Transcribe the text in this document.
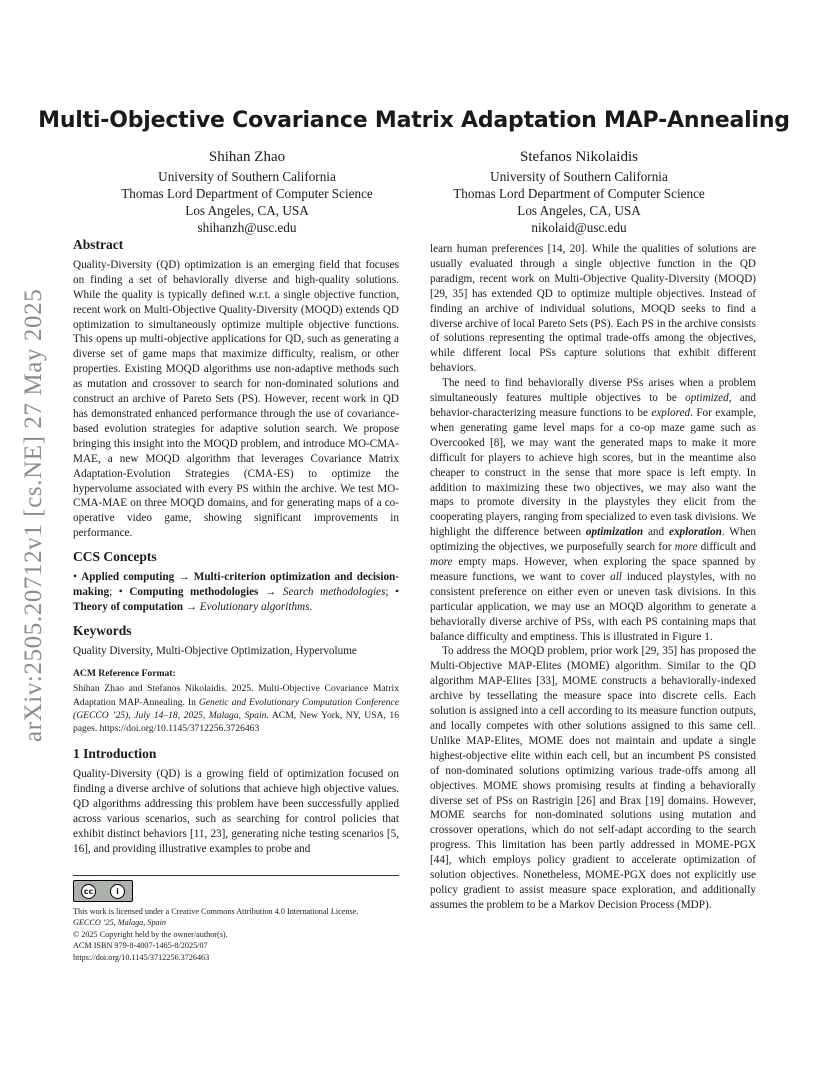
arXiv:2505.20712v1 [cs.NE] 27 May 2025
Multi-Objective Covariance Matrix Adaptation MAP-Annealing
Shihan Zhao
University of Southern California
Thomas Lord Department of Computer Science
Los Angeles, CA, USA
shihanzh@usc.edu
Stefanos Nikolaidis
University of Southern California
Thomas Lord Department of Computer Science
Los Angeles, CA, USA
nikolaid@usc.edu
Abstract

Quality-Diversity (QD) optimization is an emerging field that focuses on finding a set of behaviorally diverse and high-quality solutions. While the quality is typically defined w.r.t. a single objective function, recent work on Multi-Objective Quality-Diversity (MOQD) extends QD optimization to simultaneously optimize multiple objective functions. This opens up multi-objective applications for QD, such as generating a diverse set of game maps that maximize difficulty, realism, or other properties. Existing MOQD algorithms use non-adaptive methods such as mutation and crossover to search for non-dominated solutions and construct an archive of Pareto Sets (PS). However, recent work in QD has demonstrated enhanced performance through the use of covariance-based evolution strategies for adaptive solution search. We propose bringing this insight into the MOQD problem, and introduce MO-CMA-MAE, a new MOQD algorithm that leverages Covariance Matrix Adaptation-Evolution Strategies (CMA-ES) to optimize the hypervolume associated with every PS within the archive. We test MO-CMA-MAE on three MOQD domains, and for generating maps of a co-operative video game, showing significant improvements in performance.

CCS Concepts

• Applied computing → Multi-criterion optimization and decision-making; • Computing methodologies → Search methodologies; • Theory of computation → Evolutionary algorithms.

Keywords

Quality Diversity, Multi-Objective Optimization, Hypervolume

ACM Reference Format:

Shihan Zhao and Stefanos Nikolaidis. 2025. Multi-Objective Covariance Matrix Adaptation MAP-Annealing. In Genetic and Evolutionary Computation Conference (GECCO ’25), July 14–18, 2025, Malaga, Spain. ACM, New York, NY, USA, 16 pages. https://doi.org/10.1145/3712256.3726463

1 Introduction

Quality-Diversity (QD) is a growing field of optimization focused on finding a diverse archive of solutions that achieve high objective values. QD algorithms addressing this problem have been successfully applied across various scenarios, such as searching for control policies that exhibit distinct behaviors [11, 23], generating niche testing scenarios [5, 16], and providing illustrative examples to probe and

cc	i
This work is licensed under a Creative Commons Attribution 4.0 International License.
GECCO ’25, Malaga, Spain
© 2025 Copyright held by the owner/author(s).
ACM ISBN 979-8-4007-1465-8/2025/07
https://doi.org/10.1145/3712256.3726463

learn human preferences [14, 20]. While the qualities of solutions are usually evaluated through a single objective function in the QD paradigm, recent work on Multi-Objective Quality-Diversity (MOQD) [29, 35] has extended QD to optimize multiple objectives. Instead of finding an archive of individual solutions, MOQD seeks to find a diverse archive of local Pareto Sets (PS). Each PS in the archive consists of solutions representing the optimal trade-offs among the objectives, while different local PSs capture solutions that exhibit different behaviors.

The need to find behaviorally diverse PSs arises when a problem simultaneously features multiple objectives to be optimized, and behavior-characterizing measure functions to be explored. For example, when generating game level maps for a co-op maze game such as Overcooked [8], we may want the generated maps to make it more difficult for players to achieve high scores, but in the meantime also cheaper to construct in the sense that more space is left empty. In addition to maximizing these two objectives, we may also want the maps to promote diversity in the playstyles they elicit from the cooperating players, ranging from specialized to even task divisions. We highlight the difference between optimization and exploration. When optimizing the objectives, we purposefully search for more difficult and more empty maps. However, when exploring the space spanned by measure functions, we want to cover all induced playstyles, with no consistent preference on either even or uneven task divisions. In this particular application, we may use an MOQD algorithm to generate a behaviorally diverse archive of PSs, with each PS containing maps that balance difficulty and emptiness. This is illustrated in Figure 1.

To address the MOQD problem, prior work [29, 35] has proposed the Multi-Objective MAP-Elites (MOME) algorithm. Similar to the QD algorithm MAP-Elites [33], MOME constructs a behaviorally-indexed archive by tessellating the measure space into discrete cells. Each solution is assigned into a cell according to its measure function outputs, and locally competes with other solutions assigned to this same cell. Unlike MAP-Elites, MOME does not maintain and update a single highest-objective elite within each cell, but an incumbent PS consisted of non-dominated solutions optimizing various trade-offs among all objectives. MOME shows promising results at finding a behaviorally diverse set of PSs on Rastrigin [26] and Brax [19] domains. However, MOME searchs for non-dominated solutions using mutation and crossover operations, which do not self-adapt according to the search progress. This limitation has been partly addressed in MOME-PGX [44], which employs policy gradient to accelerate optimization of solution objectives. Nonetheless, MOME-PGX does not explicitly use policy gradient to assist measure space exploration, and additionally assumes the problem to be a Markov Decision Process (MDP).
